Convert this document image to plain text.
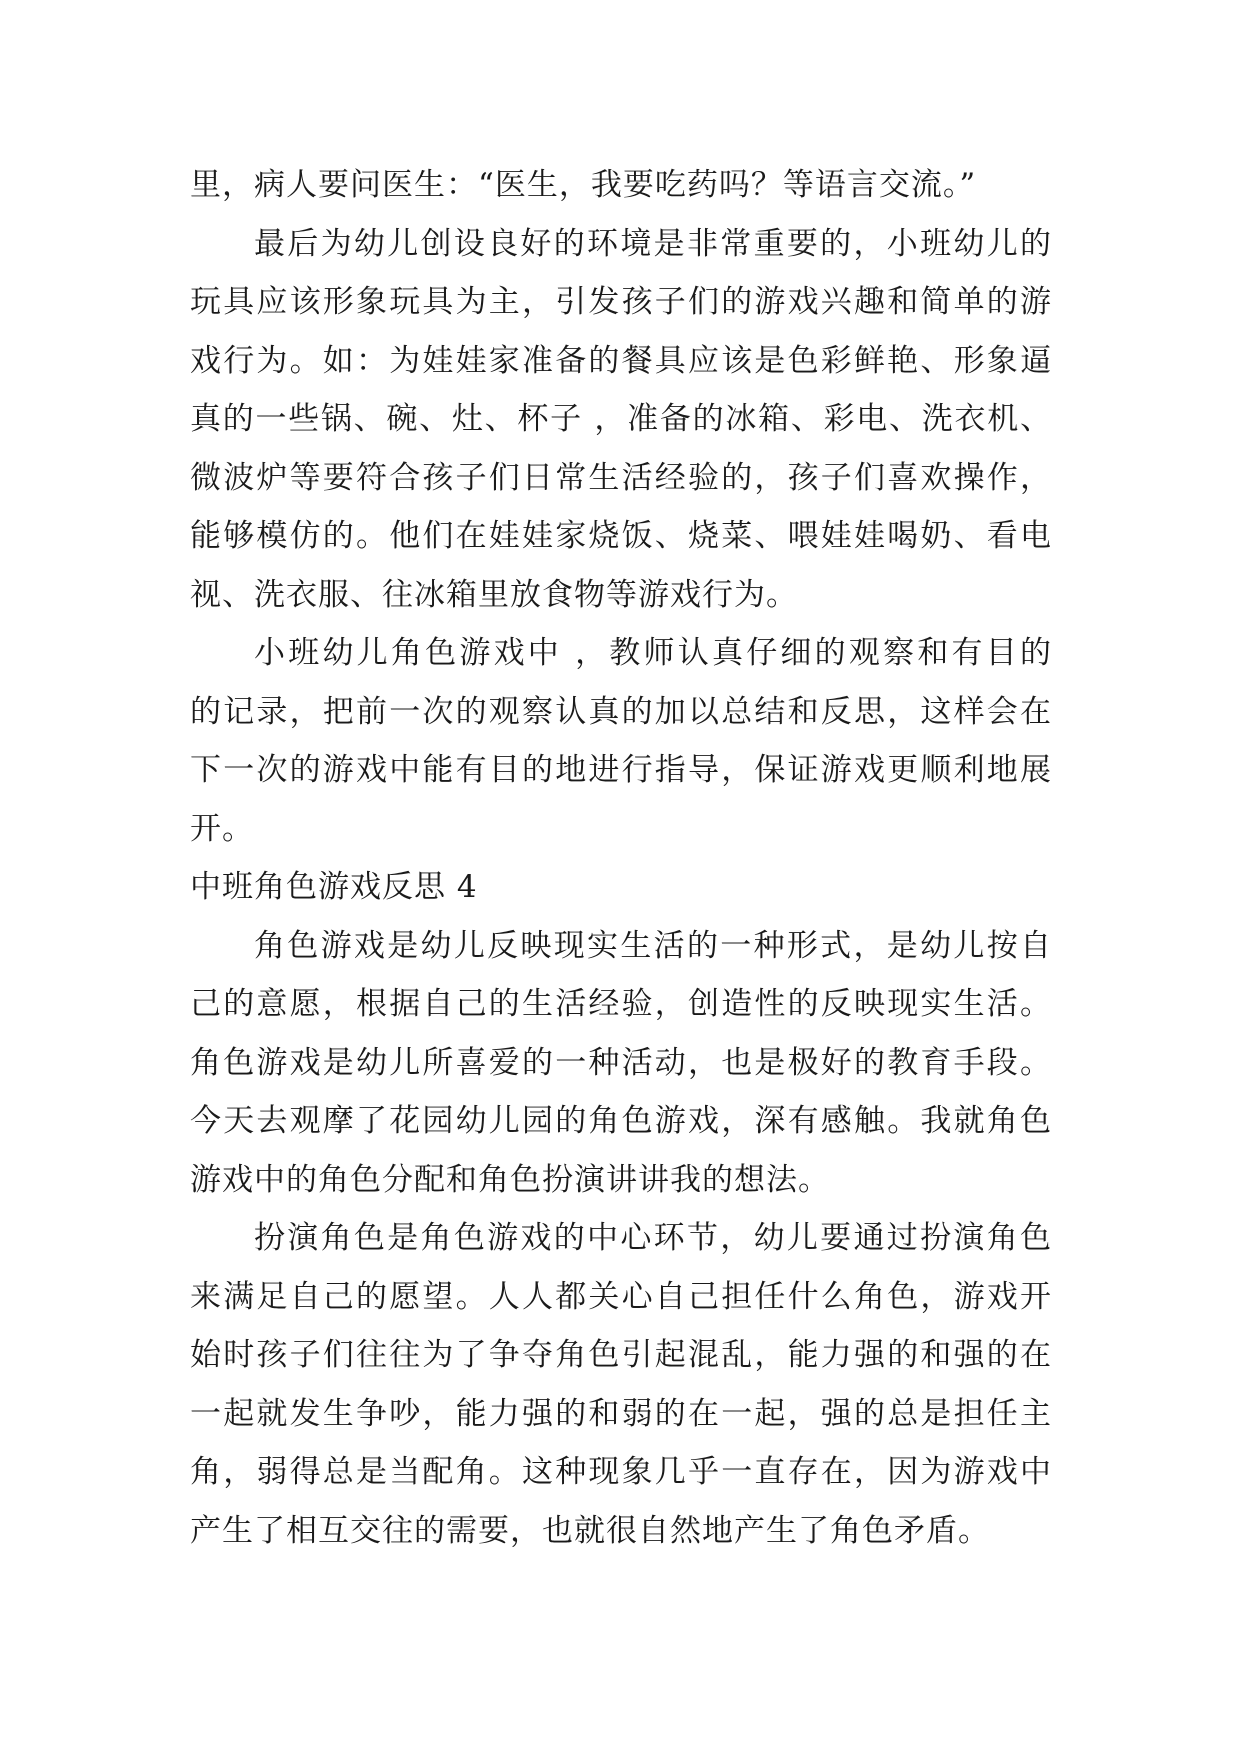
里，病人要问医生：“医生，我要吃药吗？等语言交流。”
最后为幼儿创设良好的环境是非常重要的，小班幼儿的
玩具应该形象玩具为主，引发孩子们的游戏兴趣和简单的游
戏行为。如：为娃娃家准备的餐具应该是色彩鲜艳、形象逼
真的一些锅、碗、灶、杯子 ，准备的冰箱、彩电、洗衣机、
微波炉等要符合孩子们日常生活经验的，孩子们喜欢操作，
能够模仿的。他们在娃娃家烧饭、烧菜、喂娃娃喝奶、看电
视、洗衣服、往冰箱里放食物等游戏行为。
小班幼儿角色游戏中 ，教师认真仔细的观察和有目的
的记录，把前一次的观察认真的加以总结和反思，这样会在
下一次的游戏中能有目的地进行指导，保证游戏更顺利地展
开。
中班角色游戏反思 4
角色游戏是幼儿反映现实生活的一种形式，是幼儿按自
己的意愿，根据自己的生活经验，创造性的反映现实生活。
角色游戏是幼儿所喜爱的一种活动，也是极好的教育手段。
今天去观摩了花园幼儿园的角色游戏，深有感触。我就角色
游戏中的角色分配和角色扮演讲讲我的想法。
扮演角色是角色游戏的中心环节，幼儿要通过扮演角色
来满足自己的愿望。人人都关心自己担任什么角色，游戏开
始时孩子们往往为了争夺角色引起混乱，能力强的和强的在
一起就发生争吵，能力强的和弱的在一起，强的总是担任主
角，弱得总是当配角。这种现象几乎一直存在，因为游戏中
产生了相互交往的需要，也就很自然地产生了角色矛盾。
